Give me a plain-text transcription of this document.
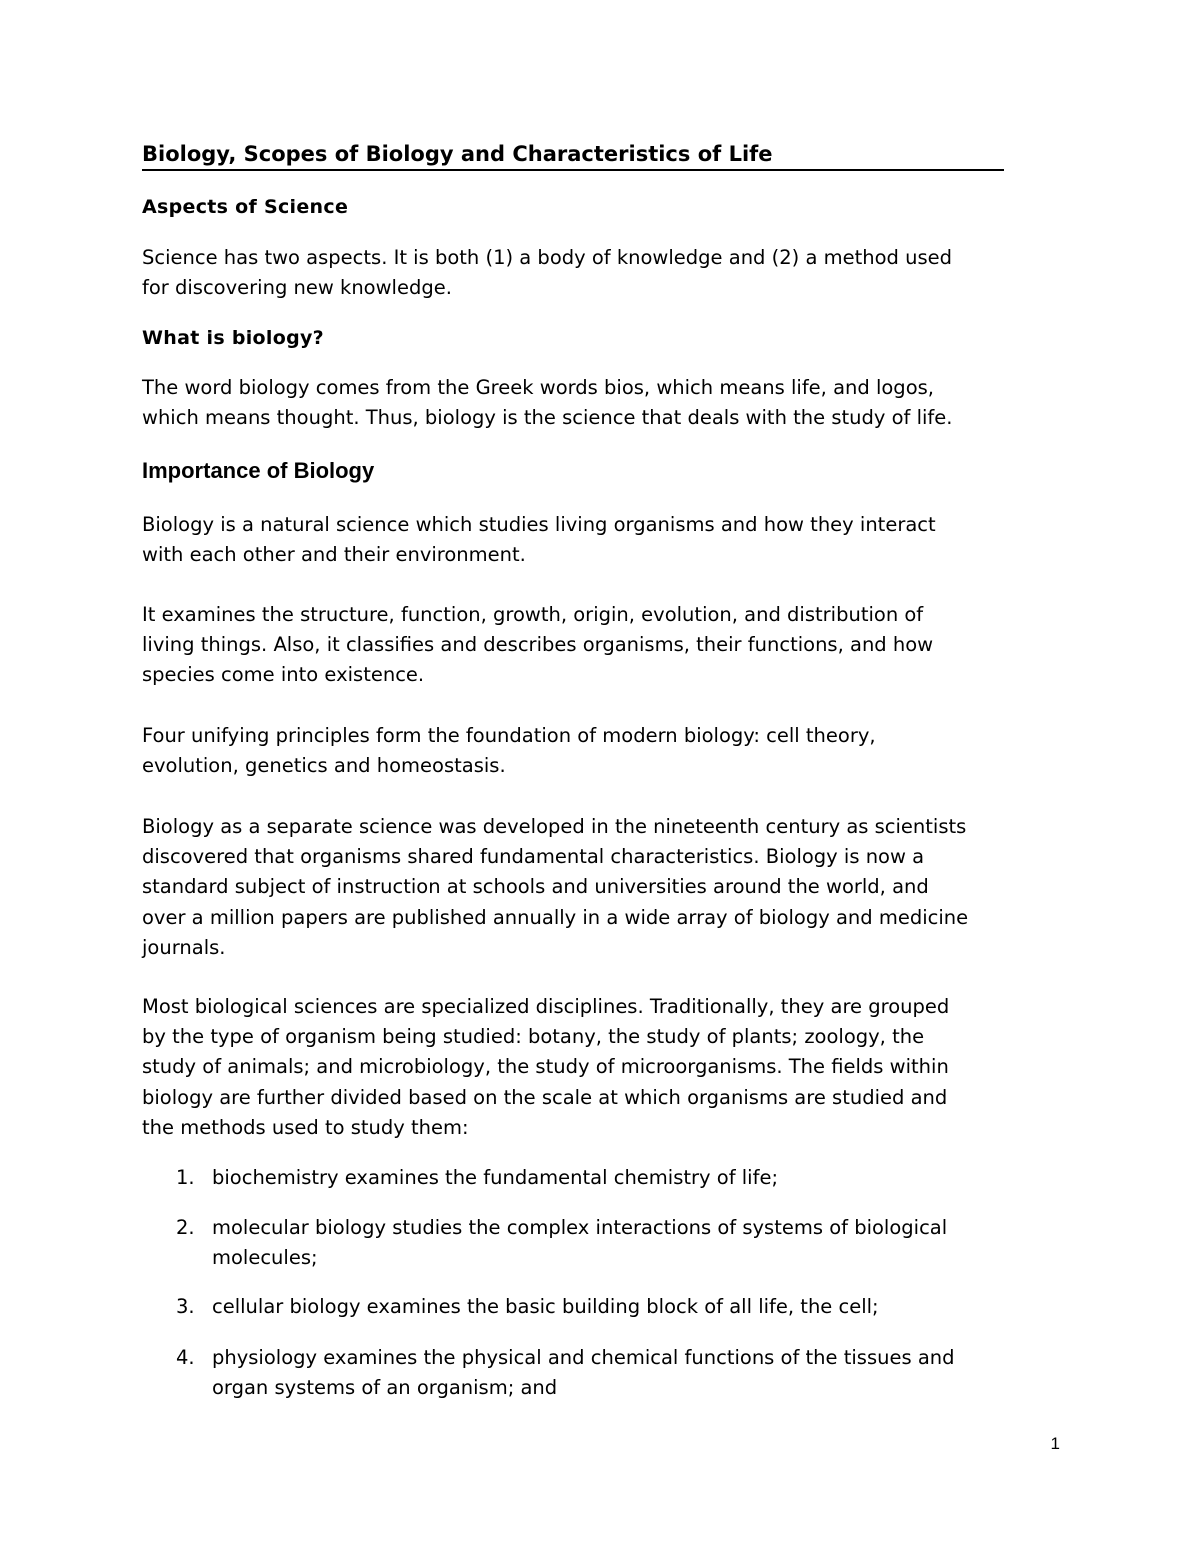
Biology, Scopes of Biology and Characteristics of Life
Aspects of Science

Science has two aspects. It is both (1) a body of knowledge and (2) a method used
for discovering new knowledge.

What is biology?

The word biology comes from the Greek words bios, which means life, and logos,
which means thought. Thus, biology is the science that deals with the study of life.

Importance of Biology

Biology is a natural science which studies living organisms and how they interact
with each other and their environment.

It examines the structure, function, growth, origin, evolution, and distribution of
living things. Also, it classifies and describes organisms, their functions, and how
species come into existence.

Four unifying principles form the foundation of modern biology: cell theory,
evolution, genetics and homeostasis.

Biology as a separate science was developed in the nineteenth century as scientists
discovered that organisms shared fundamental characteristics. Biology is now a
standard subject of instruction at schools and universities around the world, and
over a million papers are published annually in a wide array of biology and medicine
journals.

Most biological sciences are specialized disciplines. Traditionally, they are grouped
by the type of organism being studied: botany, the study of plants; zoology, the
study of animals; and microbiology, the study of microorganisms. The fields within
biology are further divided based on the scale at which organisms are studied and
the methods used to study them:

1. biochemistry examines the fundamental chemistry of life;
2. molecular biology studies the complex interactions of systems of biological
molecules;
3. cellular biology examines the basic building block of all life, the cell;
4. physiology examines the physical and chemical functions of the tissues and
organ systems of an organism; and
1
